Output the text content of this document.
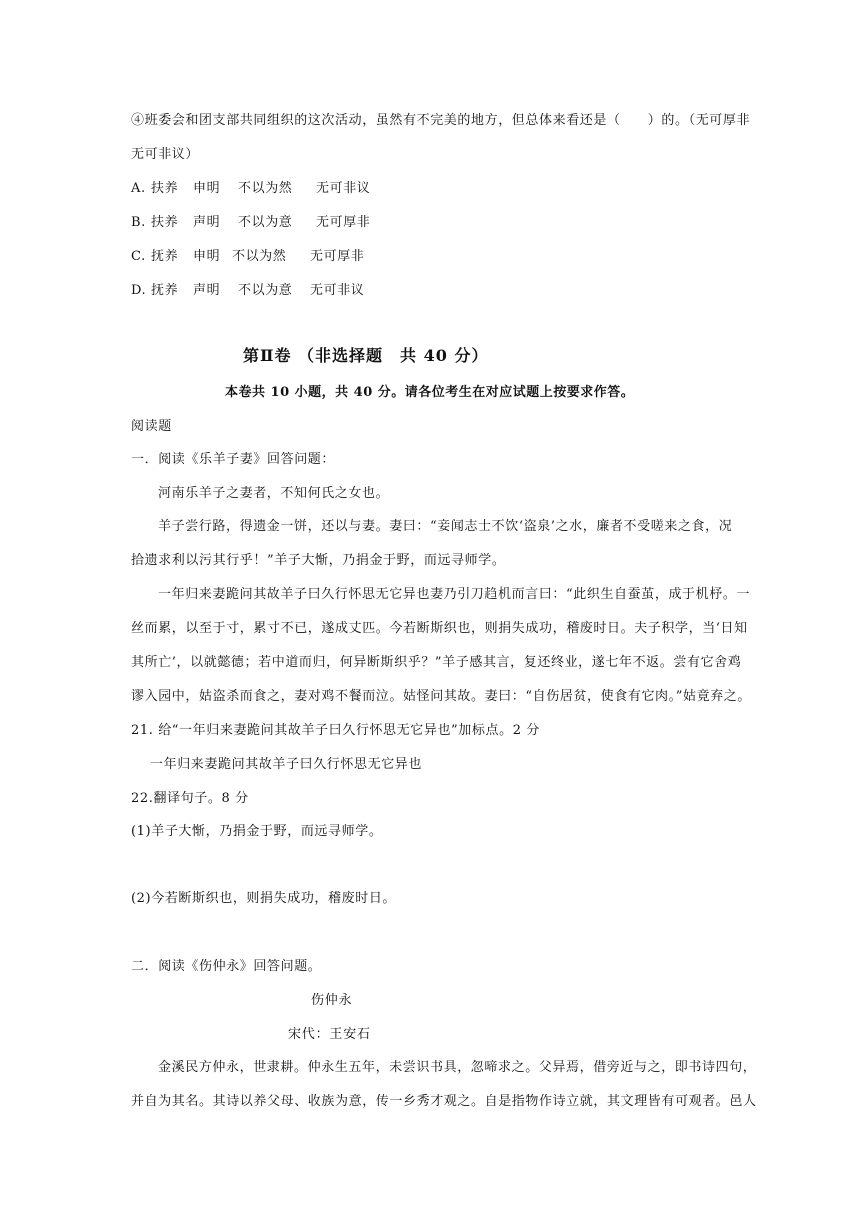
④班委会和团支部共同组织的这次活动，虽然有不完美的地方，但总体来看还是（　　）的。（无可厚非
无可非议）
A. 扶养 申明 不以为然 无可非议
B. 扶养 声明 不以为意 无可厚非
C. 抚养 申明 不以为然 无可厚非
D. 抚养 声明 不以为意 无可非议
第Ⅱ卷 （非选择题　共 40 分）
本卷共 10 小题，共 40 分。请各位考生在对应试题上按要求作答。
阅读题
一．阅读《乐羊子妻》回答问题：
河南乐羊子之妻者，不知何氏之女也。
羊子尝行路，得遗金一饼，还以与妻。妻曰：“妾闻志士不饮‘盗泉’之水，廉者不受嗟来之食，况
拾遗求利以污其行乎！”羊子大惭，乃捐金于野，而远寻师学。
一年归来妻跪问其故羊子曰久行怀思无它异也妻乃引刀趋机而言曰：“此织生自蚕茧，成于机杼。一
丝而累，以至于寸，累寸不已，遂成丈匹。今若断斯织也，则捐失成功，稽废时日。夫子积学，当‘日知
其所亡’，以就懿德；若中道而归，何异断斯织乎？”羊子感其言，复还终业，遂七年不返。尝有它舍鸡
谬入园中，姑盗杀而食之，妻对鸡不餐而泣。姑怪问其故。妻曰：“自伤居贫，使食有它肉。”姑竟弃之。
21. 给“一年归来妻跪问其故羊子曰久行怀思无它异也”加标点。2 分
一年归来妻跪问其故羊子曰久行怀思无它异也
22.翻译句子。8 分
(1)羊子大惭，乃捐金于野，而远寻师学。
(2)今若断斯织也，则捐失成功，稽废时日。
二．阅读《伤仲永》回答问题。
伤仲永
宋代：王安石
金溪民方仲永，世隶耕。仲永生五年，未尝识书具，忽啼求之。父异焉，借旁近与之，即书诗四句，
并自为其名。其诗以养父母、收族为意，传一乡秀才观之。自是指物作诗立就，其文理皆有可观者。邑人
